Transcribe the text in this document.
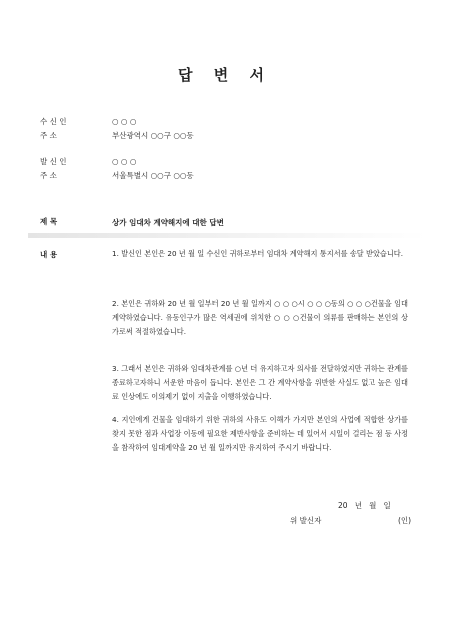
답 변 서
수 신 인	○ ○ ○
주 소	부산광역시 ○○구 ○○동
발 신 인	○ ○ ○
주 소	서울특별시 ○○구 ○○동
제 목	상가 임대차 계약해지에 대한 답변
내 용	1. 발신인 본인은 20 년 월 일 수신인 귀하로부터 임대차 계약해지 통지서를 송달 받았습니다.

2. 본인은 귀하와 20 년 월 일부터 20 년 월 일까지 ○ ○ ○시 ○ ○ ○동의 ○ ○ ○건물을 임대 계약하였습니다. 유동인구가 많은 역세권에 위치한 ○ ○ ○건물이 의류를 판매하는 본인의 상가로써 적절하였습니다.

3. 그래서 본인은 귀하와 임대차관계를 ○년 더 유지하고자 의사를 전달하였지만 귀하는 관계를 종료하고자하니 서운한 마음이 듭니다. 본인은 그 간 계약사항을 위반한 사실도 없고 높은 임대료 인상에도 이의제기 없이 지출을 이행하였습니다.

4. 지인에게 건물을 임대하기 위한 귀하의 사유도 이해가 가지만 본인의 사업에 적합한 상가를 찾지 못한 점과 사업장 이동에 필요한 제반사항을 준비하는 데 있어서 시일이 걸리는 점 등 사정을 참작하여 임대계약을 20 년 월 일까지만 유지하여 주시기 바랍니다.

20   년   월   일
위 발신자	(인)
